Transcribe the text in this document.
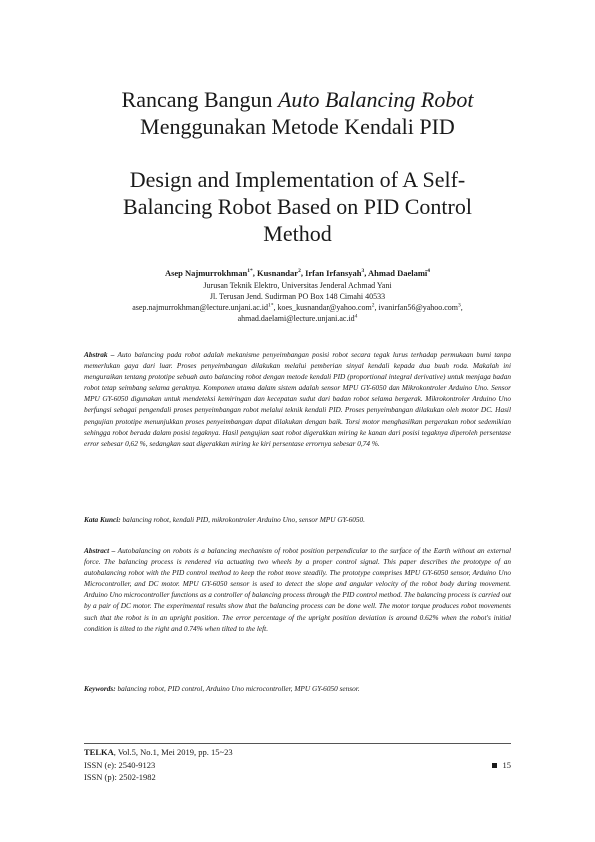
Rancang Bangun Auto Balancing Robot
Menggunakan Metode Kendali PID
Design and Implementation of A Self-
Balancing Robot Based on PID Control
Method
Asep Najmurrokhman$^{1*}$, Kusnandar$^2$, Irfan Irfansyah$^3$, Ahmad Daelami$^4$
Jurusan Teknik Elektro, Universitas Jenderal Achmad Yani
Jl. Terusan Jend. Sudirman PO Box 148 Cimahi 40533
$asep.najmurrokhman@lecture.unjani.ac.id^{1*}$, koes_kusnandar@yahoo.com$^2$, ivanirfan56@yahoo.com$^3$,
$ahmad.daelami@lecture.unjani.ac.id^4$
Abstrak – Auto balancing pada robot adalah mekanisme penyeimbangan posisi robot secara tegak lurus terhadap permukaan bumi tanpa memerlukan gaya dari luar. Proses penyeimbangan dilakukan melalui pemberian sinyal kendali kepada dua buah roda. Makalah ini menguraikan tentang prototipe sebuah auto balancing robot dengan metode kendali PID (proportional integral derivative) untuk menjaga badan robot tetap seimbang selama geraknya. Komponen utama dalam sistem adalah sensor MPU GY-6050 dan Mikrokontroler Arduino Uno. Sensor MPU GY-6050 digunakan untuk mendeteksi kemiringan dan kecepatan sudut dari badan robot selama bergerak. Mikrokontroler Arduino Uno berfungsi sebagai pengendali proses penyeimbangan robot melalui teknik kendali PID. Proses penyeimbangan dilakukan oleh motor DC. Hasil pengujian prototipe menunjukkan proses penyeimbangan dapat dilakukan dengan baik. Torsi motor menghasilkan pergerakan robot sedemikian sehingga robot berada dalam posisi tegaknya. Hasil pengujian saat robot digerakkan miring ke kanan dari posisi tegaknya diperoleh persentase error sebesar 0,62 %, sedangkan saat digerakkan miring ke kiri persentase errornya sebesar 0,74 %.
Kata Kunci: balancing robot, kendali PID, mikrokontroler Arduino Uno, sensor MPU GY-6050.
Abstract – Autobalancing on robots is a balancing mechanism of robot position perpendicular to the surface of the Earth without an external force. The balancing process is rendered via actuating two wheels by a proper control signal. This paper describes the prototype of an autobalancing robot with the PID control method to keep the robot move steadily. The prototype comprises MPU GY-6050 sensor, Arduino Uno Microcontroller, and DC motor. MPU GY-6050 sensor is used to detect the slope and angular velocity of the robot body during movement. Arduino Uno microcontroller functions as a controller of balancing process through the PID control method. The balancing process is carried out by a pair of DC motor. The experimental results show that the balancing process can be done well. The motor torque produces robot movements such that the robot is in an upright position. The error percentage of the upright position deviation is around 0.62% when the robot's initial condition is tilted to the right and 0.74% when tilted to the left.
Keywords: balancing robot, PID control, Arduino Uno microcontroller, MPU GY-6050 sensor.
TELKA, Vol.5, No.1, Mei 2019, pp. 15~23
ISSN (e): 2540-9123
ISSN (p): 2502-1982
15
